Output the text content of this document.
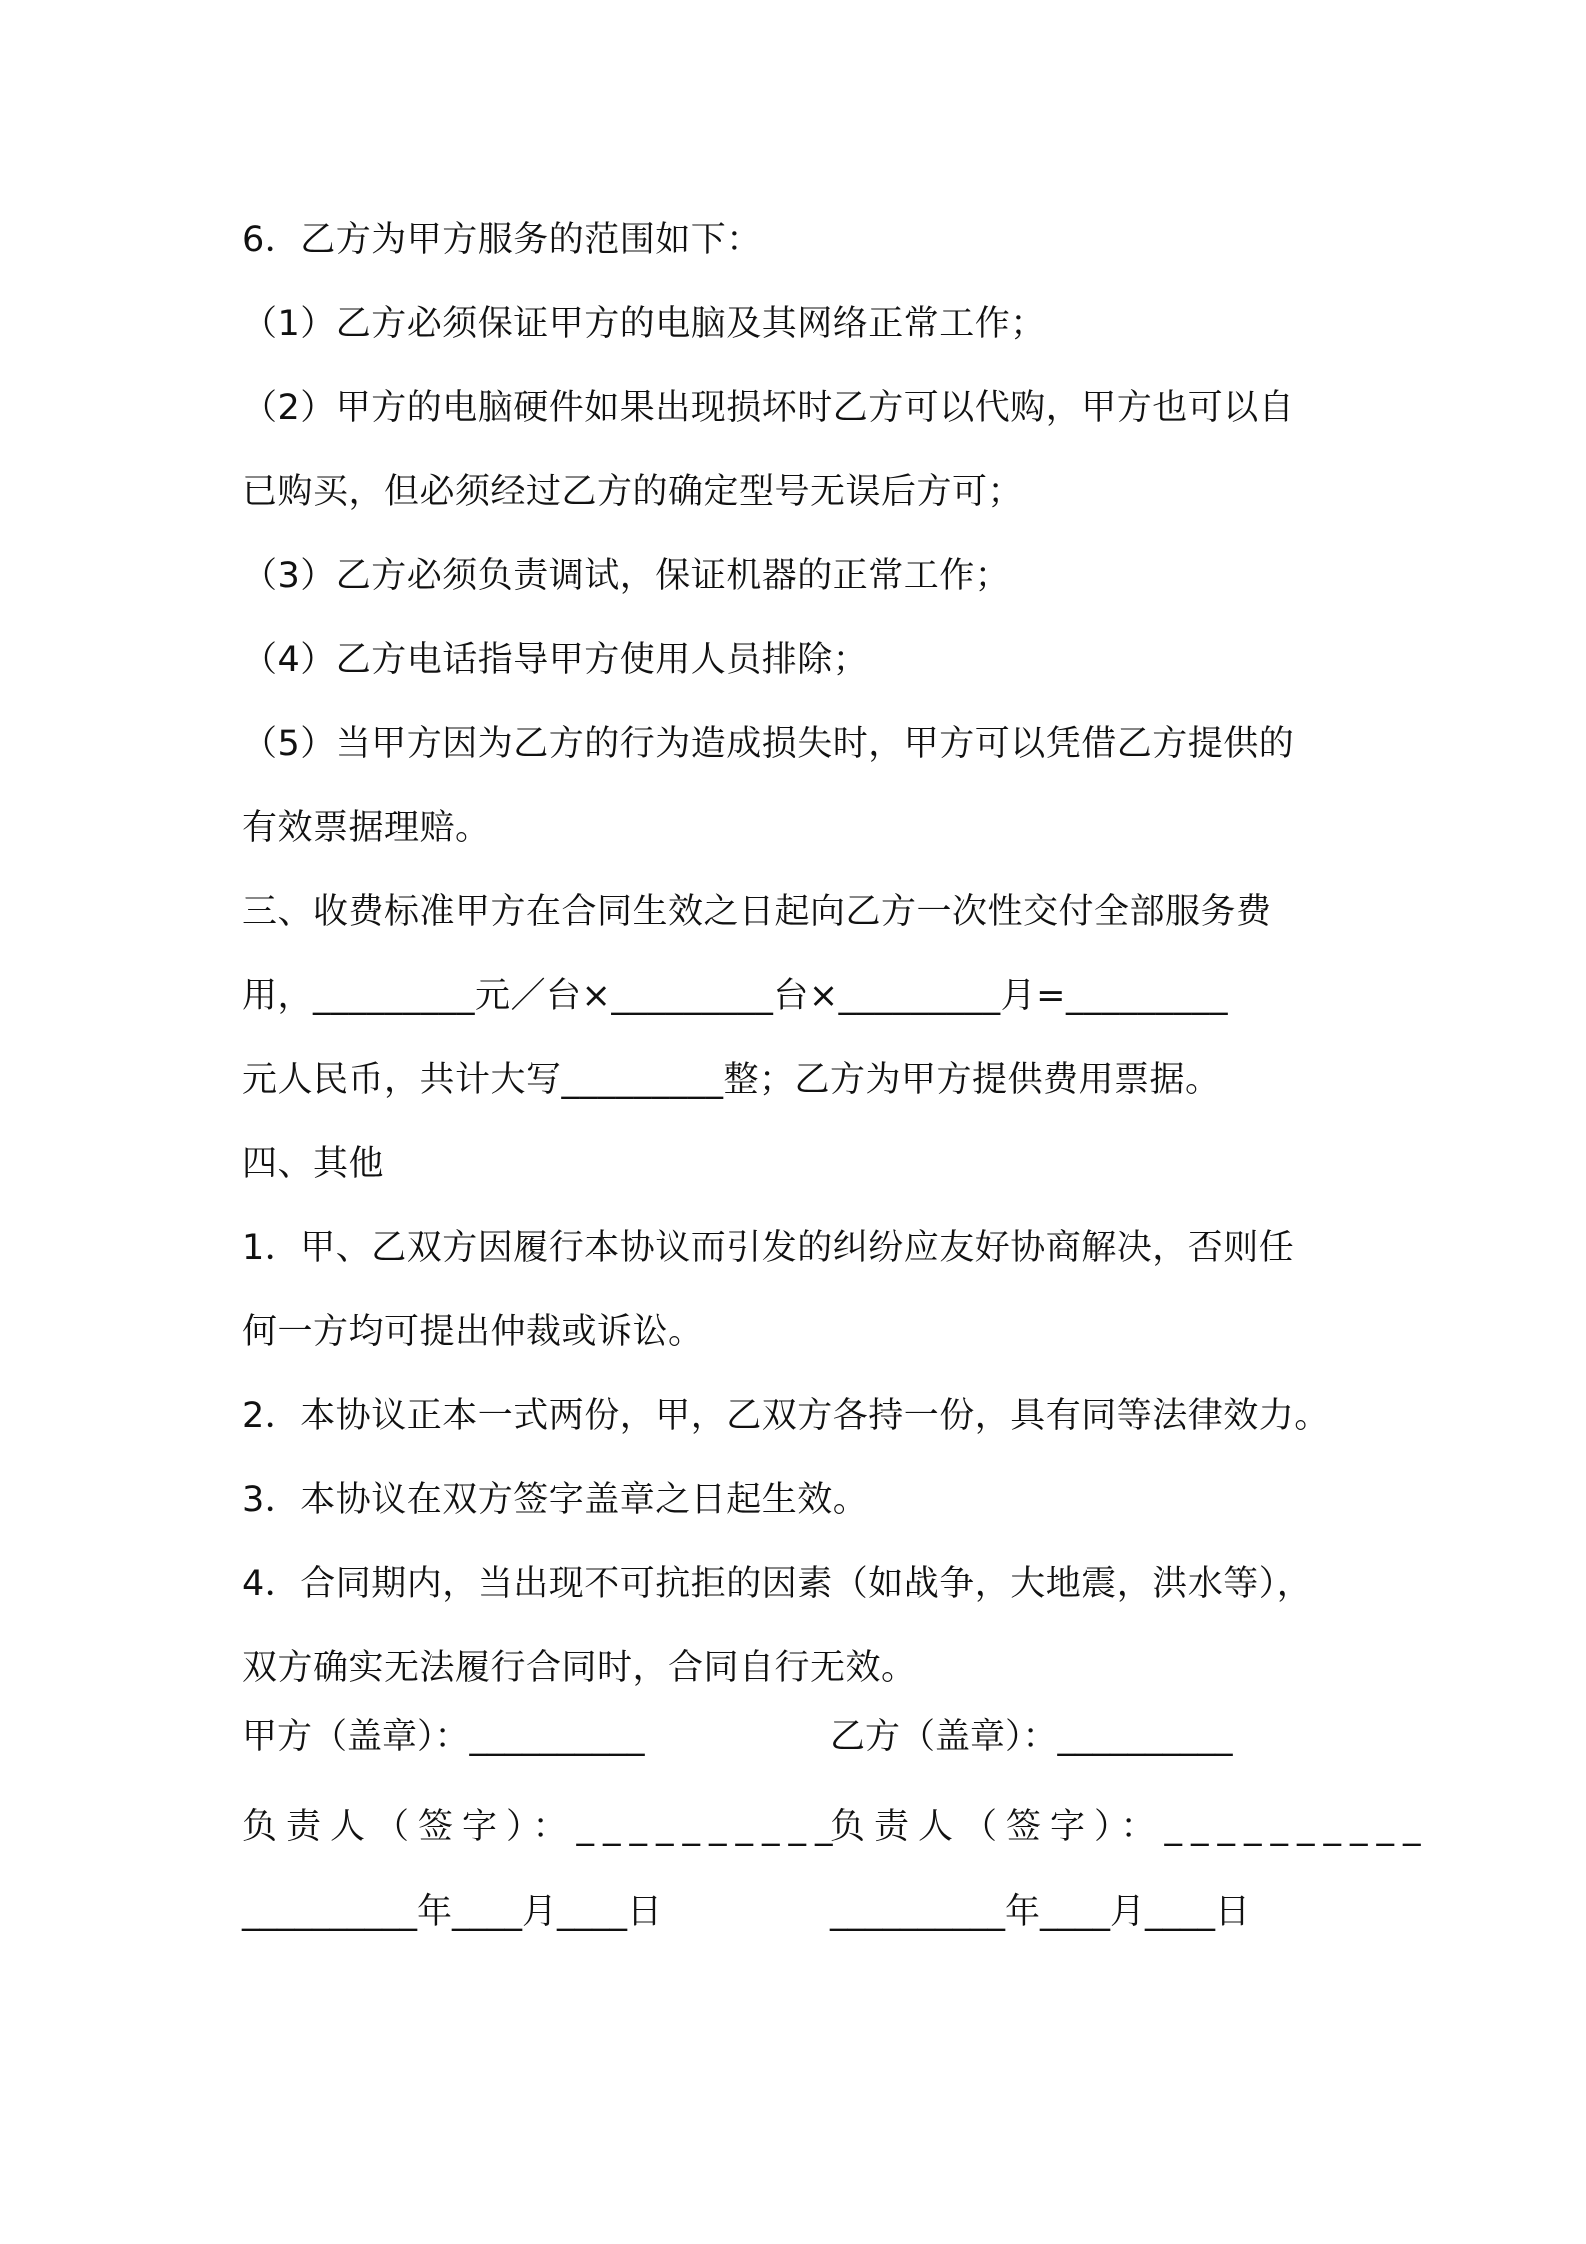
6．乙方为甲方服务的范围如下：
（1）乙方必须保证甲方的电脑及其网络正常工作；
（2）甲方的电脑硬件如果出现损坏时乙方可以代购，甲方也可以自
已购买，但必须经过乙方的确定型号无误后方可；
（3）乙方必须负责调试，保证机器的正常工作；
（4）乙方电话指导甲方使用人员排除；
（5）当甲方因为乙方的行为造成损失时，甲方可以凭借乙方提供的
有效票据理赔。
三、收费标准甲方在合同生效之日起向乙方一次性交付全部服务费
用，_________元／台×_________台×_________月=_________
元人民币，共计大写_________整；乙方为甲方提供费用票据。
四、其他
1．甲、乙双方因履行本协议而引发的纠纷应友好协商解决，否则任
何一方均可提出仲裁或诉讼。
2．本协议正本一式两份，甲，乙双方各持一份，具有同等法律效力。
3．本协议在双方签字盖章之日起生效。
4．合同期内，当出现不可抗拒的因素（如战争，大地震，洪水等），
双方确实无法履行合同时，合同自行无效。
甲方（盖章）：__________	乙方（盖章）：__________
负责人（签字）：__________
负责人（签字）：__________
__________年____月____日	__________年____月____日
